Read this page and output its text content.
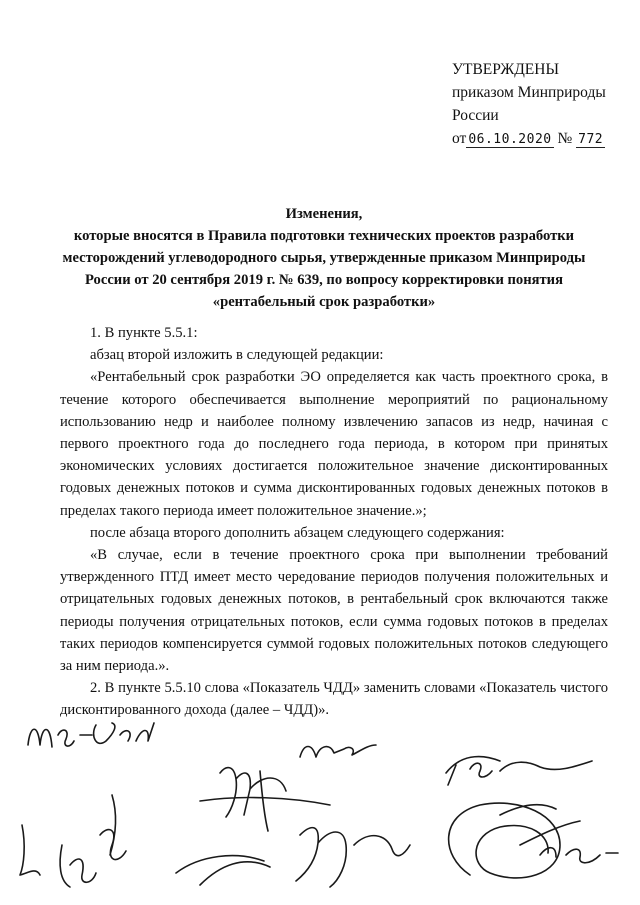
УТВЕРЖДЕНЫ
приказом Минприроды
России
от 06.10.2020 № 772
Изменения,
которые вносятся в Правила подготовки технических проектов разработки
месторождений углеводородного сырья, утвержденные приказом Минприроды
России от 20 сентября 2019 г. № 639, по вопросу корректировки понятия
«рентабельный срок разработки»
1. В пункте 5.5.1:
абзац второй изложить в следующей редакции:
«Рентабельный срок разработки ЭО определяется как часть проектного срока, в течение которого обеспечивается выполнение мероприятий по рациональному использованию недр и наиболее полному извлечению запасов из недр, начиная с первого проектного года до последнего года периода, в котором при принятых экономических условиях достигается положительное значение дисконтированных годовых денежных потоков и сумма дисконтированных годовых денежных потоков в пределах такого периода имеет положительное значение.»;
после абзаца второго дополнить абзацем следующего содержания:
«В случае, если в течение проектного срока при выполнении требований утвержденного ПТД имеет место чередование периодов получения положительных и отрицательных годовых денежных потоков, в рентабельный срок включаются также периоды получения отрицательных потоков, если сумма годовых потоков в пределах таких периодов компенсируется суммой годовых положительных потоков следующего за ним периода.».
2. В пункте 5.5.10 слова «Показатель ЧДД» заменить словами «Показатель чистого дисконтированного дохода (далее – ЧДД)».
